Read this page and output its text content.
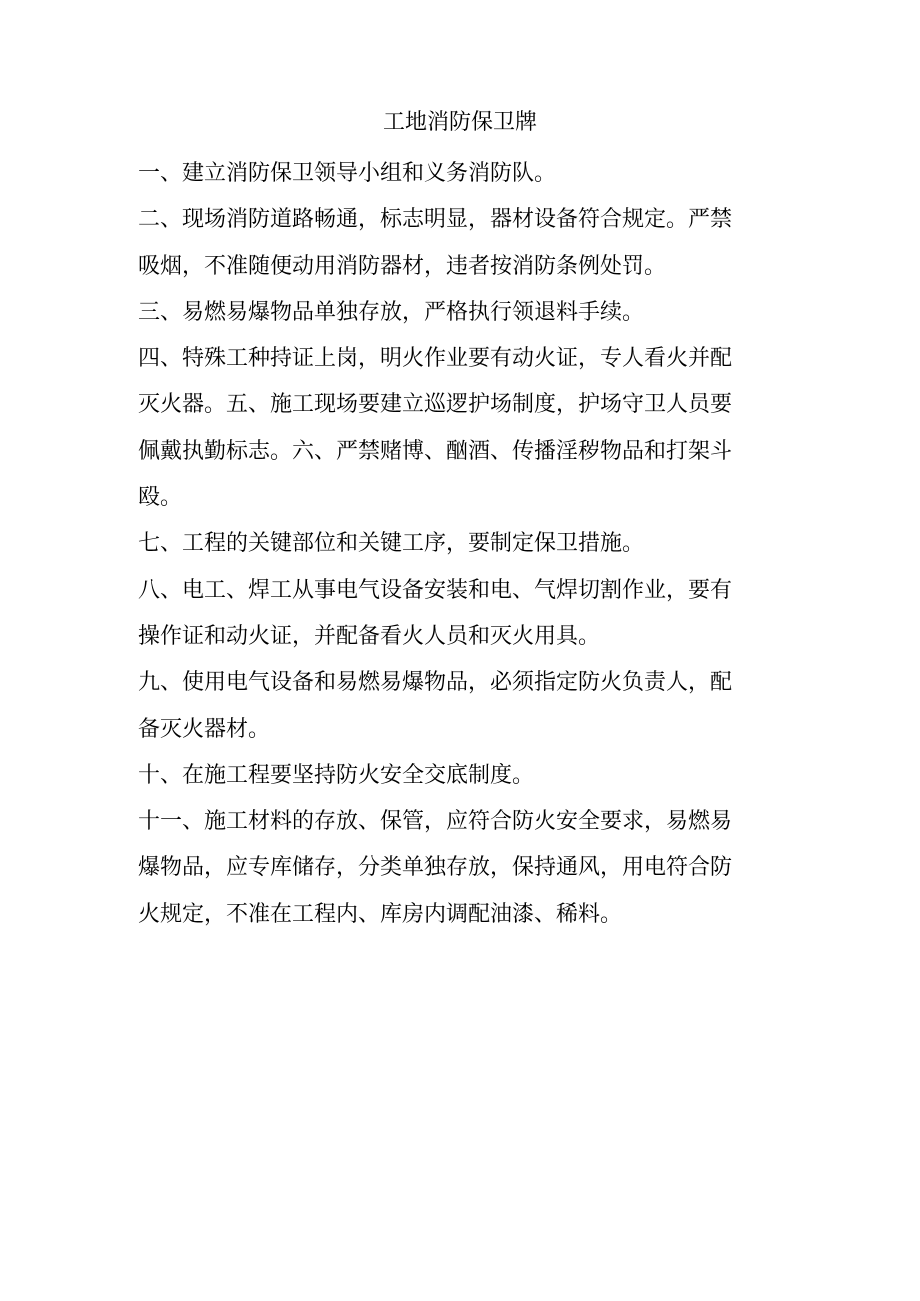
工地消防保卫牌

一、建立消防保卫领导小组和义务消防队。

二、现场消防道路畅通，标志明显，器材设备符合规定。严禁

吸烟，不准随便动用消防器材，违者按消防条例处罚。

三、易燃易爆物品单独存放，严格执行领退料手续。

四、特殊工种持证上岗，明火作业要有动火证，专人看火并配

灭火器。五、施工现场要建立巡逻护场制度，护场守卫人员要

佩戴执勤标志。六、严禁赌博、酗酒、传播淫秽物品和打架斗

殴。

七、工程的关键部位和关键工序，要制定保卫措施。

八、电工、焊工从事电气设备安装和电、气焊切割作业，要有

操作证和动火证，并配备看火人员和灭火用具。

九、使用电气设备和易燃易爆物品，必须指定防火负责人，配

备灭火器材。

十、在施工程要坚持防火安全交底制度。

十一、施工材料的存放、保管，应符合防火安全要求，易燃易

爆物品，应专库储存，分类单独存放，保持通风，用电符合防

火规定，不准在工程内、库房内调配油漆、稀料。
